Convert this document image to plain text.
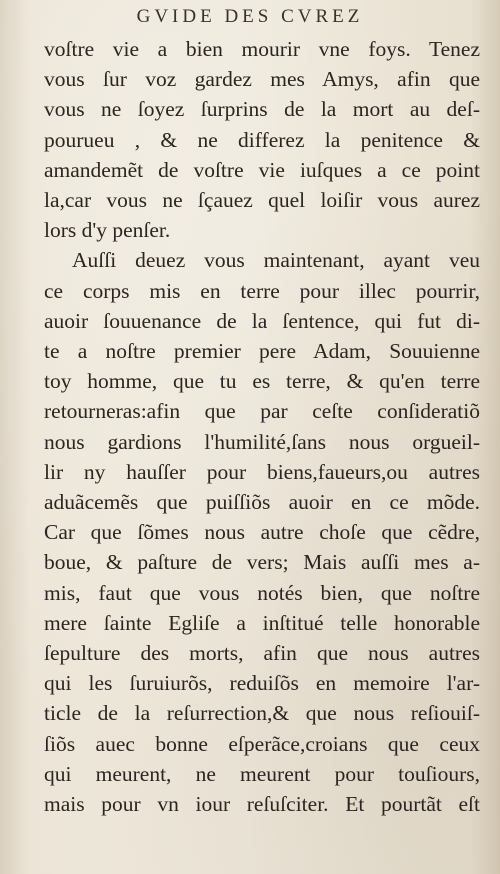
GVIDE DES CVREZ
voſtre vie a bien mourir vne foys. Tenez
vous ſur voz gardez mes Amys, afin que
vous ne ſoyez ſurprins de la mort au deſ-
pourueu , & ne differez la penitence &
amandemẽt de voſtre vie iuſques a ce point
la,car vous ne ſçauez quel loiſir vous aurez
lors d'y penſer.
Auſſi deuez vous maintenant, ayant veu
ce corps mis en terre pour illec pourrir,
auoir ſouuenance de la ſentence, qui fut di-
te a noſtre premier pere Adam, Souuienne
toy homme, que tu es terre, & qu'en terre
retourneras:afin que par ceſte conſideratiõ
nous gardions l'humilité,ſans nous orgueil-
lir ny hauſſer pour biens,faueurs,ou autres
aduãcemẽs que puiſſiõs auoir en ce mõde.
Car que ſõmes nous autre choſe que cẽdre,
boue, & paſture de vers; Mais auſſi mes a-
mis, faut que vous notés bien, que noſtre
mere ſainte Egliſe a inſtitué telle honorable
ſepulture des morts, afin que nous autres
qui les ſuruiurõs, reduiſõs en memoire l'ar-
ticle de la reſurrection,& que nous reſiouiſ-
ſiõs auec bonne eſperãce,croians que ceux
qui meurent, ne meurent pour touſiours,
mais pour vn iour reſuſciter. Et pourtãt eſt
